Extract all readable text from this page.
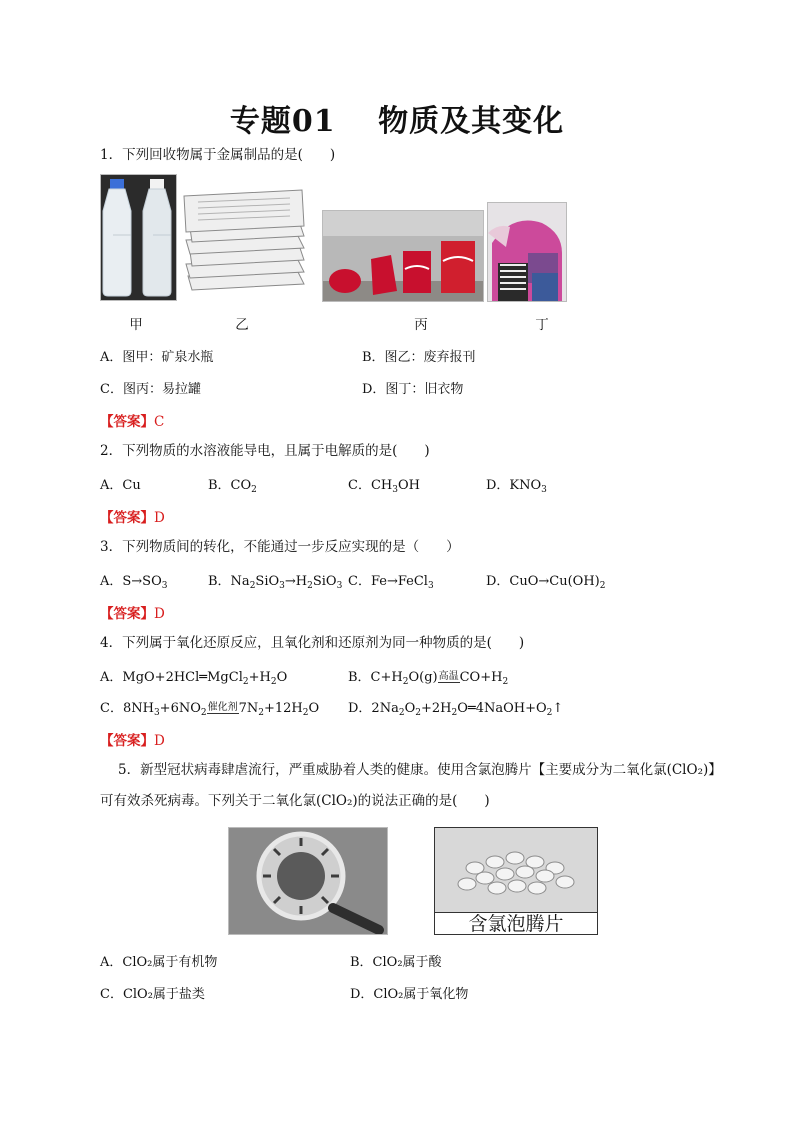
专题01　 物质及其变化
1．下列回收物属于金属制品的是(　　)
甲	乙	丙	丁
A．图甲：矿泉水瓶	B．图乙：废弃报刊
C．图丙：易拉罐	D．图丁：旧衣物
【答案】C
2．下列物质的水溶液能导电，且属于电解质的是(　　)
A．Cu	B．$CO_2$	C．$CH_3OH$	D．$KNO_3$
【答案】D
3．下列物质间的转化，不能通过一步反应实现的是（　　）
A．$S\to SO_3$	B．$Na_2SiO_3\to H_2SiO_3$ C．Fe→FeCl$_3$	D．$CuO\to Cu(OH)_2$
【答案】D
4．下列属于氧化还原反应，且氧化剂和还原剂为同一种物质的是(　　)
A．$MgO+2HCl═MgCl_2+H_2O$	B．$C+H_2O(g)$高温$CO+H_2$
C．$8NH_3+6NO_2$催化剂$7N_2+12H_2O$ D．$2Na_2O_2+2H_2O═4NaOH+O_2↑$
【答案】D
5．新型冠状病毒肆虐流行，严重威胁着人类的健康。使用含氯泡腾片【主要成分为二氧化氯(ClO₂)】
可有效杀死病毒。下列关于二氧化氯(ClO₂)的说法正确的是(　　)
含氯泡腾片
A．ClO₂属于有机物	B．ClO₂属于酸
C．ClO₂属于盐类	D．ClO₂属于氧化物
